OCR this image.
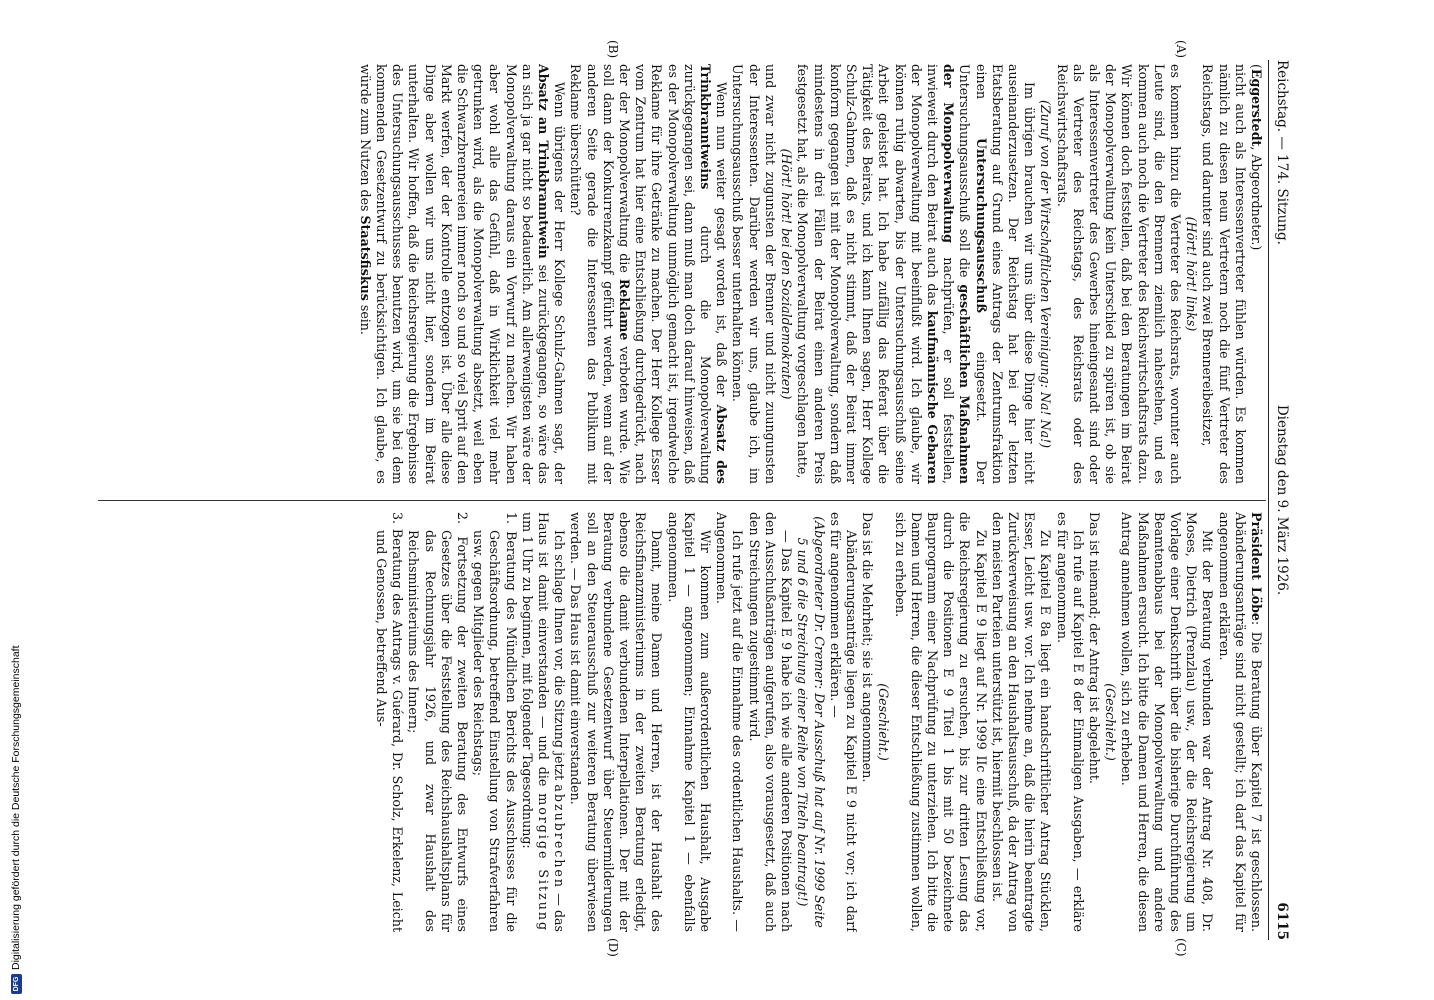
DFG
Digitalisierung gefördert durch die Deutsche Forschungsgemeinschaft
Reichstag. — 174. Sitzung.
Dienstag den 9. März 1926.
6115
(A)
(B)
(C)
(D)

(Eggerstedt, Abgeordneter.)

nicht auch als Interessenvertreter fühlen würden. Es kommen nämlich zu diesen neun Vertretern noch die fünf Vertreter des Reichstags, und darunter sind auch zwei Brennereibesitzer,

(Hört! hört! links)

es kommen hinzu die Vertreter des Reichsrats, worunter auch Leute sind, die den Brennern ziemlich nahestehen, und es kommen auch noch die Vertreter des Reichswirtschaftsrats dazu. Wir können doch feststellen, daß bei den Beratungen im Beirat der Monopolverwaltung kein Unterschied zu spüren ist, ob sie als Interessenvertreter des Gewerbes hineingesandt sind oder als Vertreter des Reichstags, des Reichsrats oder des Reichswirtschaftsrats.

(Zuruf von der Wirtschaftlichen Vereinigung: Na! Na!)

Im übrigen brauchen wir uns über diese Dinge hier nicht auseinanderzusetzen. Der Reichstag hat bei der letzten Etatsberatung auf Grund eines Antrags der Zentrumsfraktion einen Untersuchungsausschuß eingesetzt. Der Untersuchungsausschuß soll die geschäftlichen Maßnahmen der Monopolverwaltung nachprüfen, er soll feststellen, inwieweit durch den Beirat auch das kaufmännische Gebaren der Monopolverwaltung mit beeinflußt wird. Ich glaube, wir können ruhig abwarten, bis der Untersuchungsausschuß seine Arbeit geleistet hat. Ich habe zufällig das Referat über die Tätigkeit des Beirats, und ich kann Ihnen sagen, Herr Kollege Schulz-Gahmen, daß es nicht stimmt, daß der Beirat immer konform gegangen ist mit der Monopolverwaltung, sondern daß mindestens in drei Fällen der Beirat einen anderen Preis festgesetzt hat, als die Monopolverwaltung vorgeschlagen hatte,

(Hört! hört! bei den Sozialdemokraten)

und zwar nicht zugunsten der Brenner und nicht zuungunsten der Interessenten. Darüber werden wir uns, glaube ich, im Untersuchungsausschuß besser unterhalten können.

Wenn nun weiter gesagt worden ist, daß der Absatz des Trinkbranntweins durch die Monopolverwaltung zurückgegangen sei, dann muß man doch darauf hinweisen, daß es der Monopolverwaltung unmöglich gemacht ist, irgendwelche Reklame für ihre Getränke zu machen. Der Herr Kollege Esser vom Zentrum hat hier eine Entschließung durchgedrückt, nach der der Monopolverwaltung die Reklame verboten wurde. Wie soll dann der Konkurrenzkampf geführt werden, wenn auf der anderen Seite gerade die Interessenten das Publikum mit Reklame überschütten?

Wenn übrigens der Herr Kollege Schulz-Gahmen sagt, der Absatz an Trinkbranntwein sei zurückgegangen, so wäre das an sich ja gar nicht so bedauerlich. Am allerwenigsten wäre der Monopolverwaltung daraus ein Vorwurf zu machen. Wir haben aber wohl alle das Gefühl, daß in Wirklichkeit viel mehr getrunken wird, als die Monopolverwaltung absetzt, weil eben die Schwarzbrennereien immer noch so und so viel Sprit auf den Markt werfen, der der Kontrolle entzogen ist. Über alle diese Dinge aber wollen wir uns nicht hier, sondern im Beirat unterhalten. Wir hoffen, daß die Reichsregierung die Ergebnisse des Untersuchungsausschusses benutzen wird, um sie bei dem kommenden Gesetzentwurf zu berücksichtigen. Ich glaube, es würde zum Nutzen des Staatsfiskus sein.

Präsident Löbe: Die Beratung über Kapitel 7 ist geschlossen. Abänderungsanträge sind nicht gestellt; ich darf das Kapitel für angenommen erklären.

Mit der Beratung verbunden war der Antrag Nr. 408, Dr. Moses, Dietrich (Prenzlau) usw., der die Reichsregierung um Vorlage einer Denkschrift über die bisherige Durchführung des Beamtenabbaus bei der Monopolverwaltung und andere Maßnahmen ersucht. Ich bitte die Damen und Herren, die diesen Antrag annehmen wollen, sich zu erheben.

(Geschieht.)

Das ist niemand; der Antrag ist abgelehnt.

Ich rufe auf Kapitel E 8 der Einmaligen Ausgaben, — erkläre es für angenommen.

Zu Kapitel E 8a liegt ein handschriftlicher Antrag Stücklen, Esser, Leicht usw. vor. Ich nehme an, daß die hierin beantragte Zurückverweisung an den Haushaltsausschuß, da der Antrag von den meisten Parteien unterstützt ist, hiermit beschlossen ist.

Zu Kapitel E 9 liegt auf Nr. 1999 IIc eine Entschließung vor, die Reichsregierung zu ersuchen, bis zur dritten Lesung das durch die Positionen E 9 Titel 1 bis mit 50 bezeichnete Bauprogramm einer Nachprüfung zu unterziehen. Ich bitte die Damen und Herren, die dieser Entschließung zustimmen wollen, sich zu erheben.

(Geschieht.)

Das ist die Mehrheit; sie ist angenommen.

Abänderungsanträge liegen zu Kapitel E 9 nicht vor; ich darf es für angenommen erklären. —

(Abgeordneter Dr. Cremer: Der Ausschuß hat auf Nr. 1999 Seite 5 und 6 die Streichung einer Reihe von Titeln beantragt!)

— Das Kapitel E 9 habe ich wie alle anderen Positionen nach den Ausschußanträgen aufgerufen, also vorausgesetzt, daß auch den Streichungen zugestimmt wird.

Ich rufe jetzt auf die Einnahme des ordentlichen Haushalts. — Angenommen.

Wir kommen zum außerordentlichen Haushalt, Ausgabe Kapitel 1 — angenommen; Einnahme Kapitel 1 — ebenfalls angenommen.

Damit, meine Damen und Herren, ist der Haushalt des Reichsfinanzministeriums in der zweiten Beratung erledigt, ebenso die damit verbundenen Interpellationen. Der mit der Beratung verbundene Gesetzentwurf über Steuermilderungen soll an den Steuerausschuß zur weiteren Beratung überwiesen werden. — Das Haus ist damit einverstanden.

Ich schlage Ihnen vor, die Sitzung jetzt abzubrechen — das Haus ist damit einverstanden — und die morgige Sitzung um 1 Uhr zu beginnen, mit folgender Tagesordnung:

1. Beratung des Mündlichen Berichts des Ausschusses für die Geschäftsordnung, betreffend Einstellung von Strafverfahren usw. gegen Mitglieder des Reichstags;

2. Fortsetzung der zweiten Beratung des Entwurfs eines Gesetzes über die Feststellung des Reichshaushaltsplans für das Rechnungsjahr 1926, und zwar Haushalt des Reichsministeriums des Innern;

3. Beratung des Antrags v. Guérard, Dr. Scholz, Erkelenz, Leicht und Genossen, betreffend Aus-
